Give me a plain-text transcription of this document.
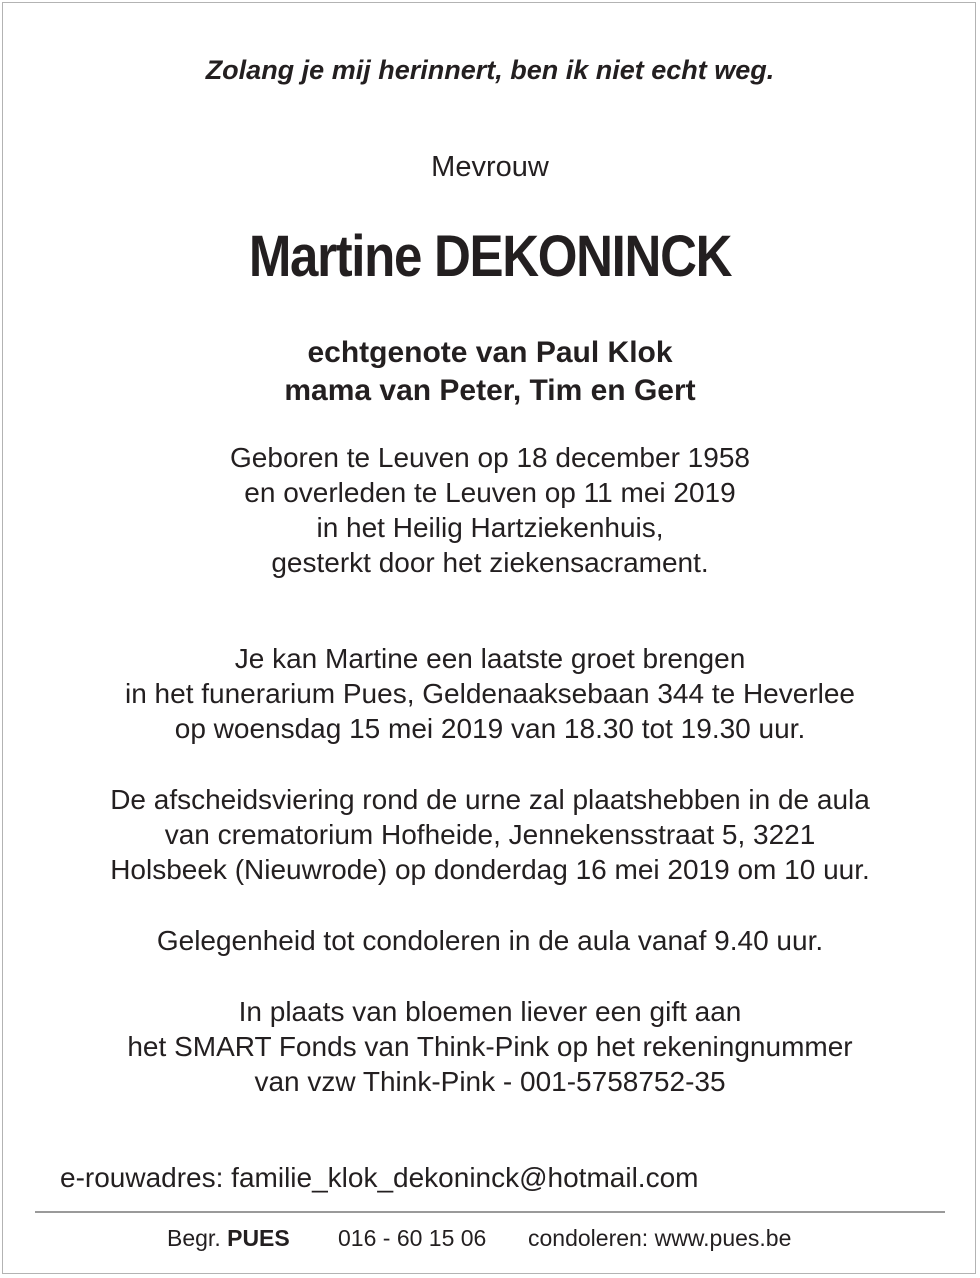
Zolang je mij herinnert, ben ik niet echt weg.
Mevrouw
Martine DEKONINCK
echtgenote van Paul Klok
mama van Peter, Tim en Gert
Geboren te Leuven op 18 december 1958
en overleden te Leuven op 11 mei 2019
in het Heilig Hartziekenhuis,
gesterkt door het ziekensacrament.
Je kan Martine een laatste groet brengen
in het funerarium Pues, Geldenaaksebaan 344 te Heverlee
op woensdag 15 mei 2019 van 18.30 tot 19.30 uur.
De afscheidsviering rond de urne zal plaatshebben in de aula
van crematorium Hofheide, Jennekensstraat 5, 3221
Holsbeek (Nieuwrode) op donderdag 16 mei 2019 om 10 uur.
Gelegenheid tot condoleren in de aula vanaf 9.40 uur.
In plaats van bloemen liever een gift aan
het SMART Fonds van Think-Pink op het rekeningnummer
van vzw Think-Pink - 001-5758752-35
e-rouwadres: familie_klok_dekoninck@hotmail.com
Begr. PUES 016 - 60 15 06 condoleren: www.pues.be
